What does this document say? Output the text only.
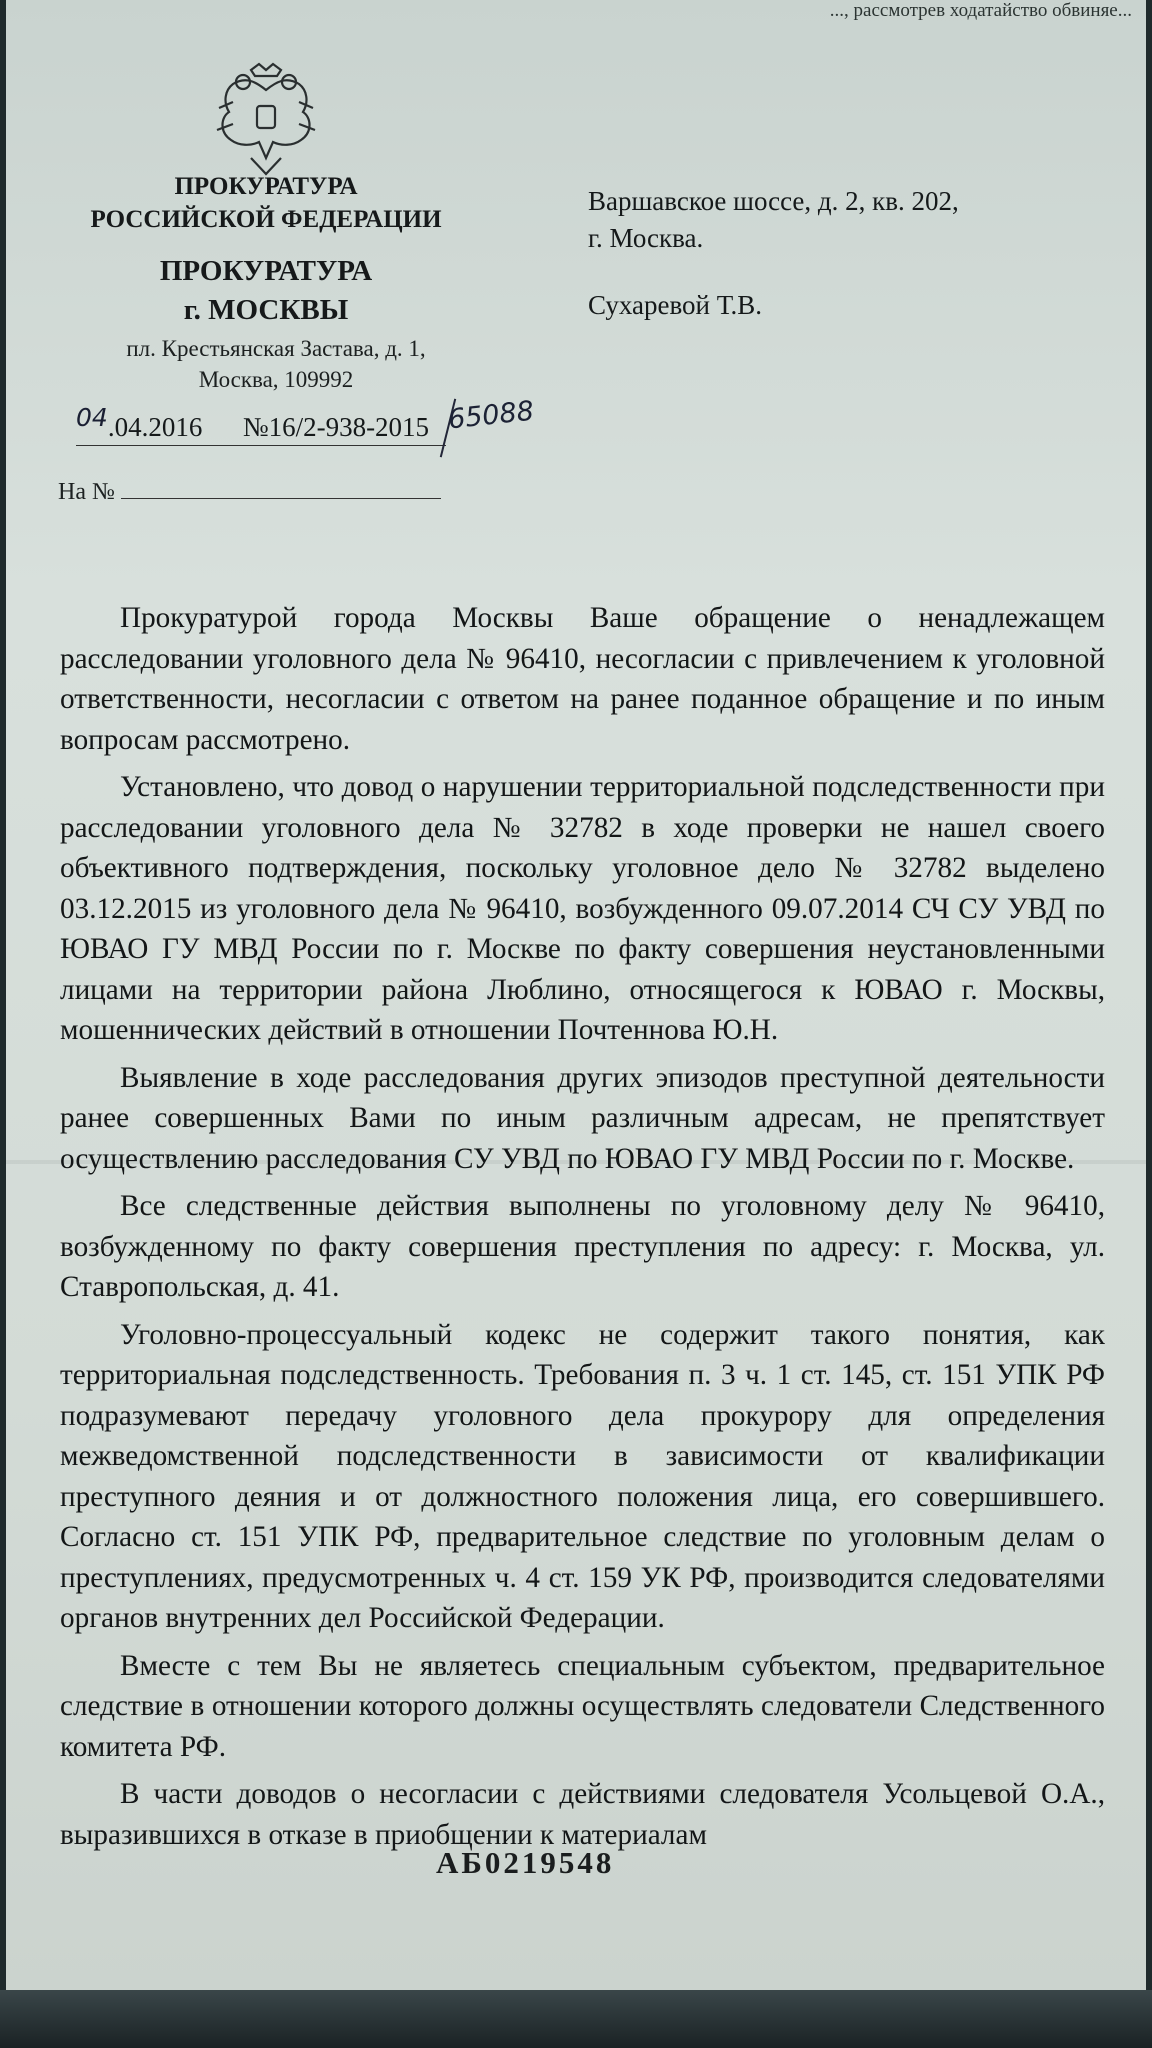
..., рассмотрев ходатайство обвиняе...
ПРОКУРАТУРА
РОССИЙСКОЙ ФЕДЕРАЦИИ
ПРОКУРАТУРА
г. МОСКВЫ
пл. Крестьянская Застава, д. 1,
Москва, 109992
Варшавское шоссе, д. 2, кв. 202,
г. Москва.
Сухаревой Т.В.
04.04.2016 №16/2-938-2015 65088
На №

Прокуратурой города Москвы Ваше обращение о ненадлежащем расследовании уголовного дела № 96410, несогласии с привлечением к уголовной ответственности, несогласии с ответом на ранее поданное обращение и по иным вопросам рассмотрено.

Установлено, что довод о нарушении территориальной подследственности при расследовании уголовного дела № 32782 в ходе проверки не нашел своего объективного подтверждения, поскольку уголовное дело № 32782 выделено 03.12.2015 из уголовного дела № 96410, возбужденного 09.07.2014 СЧ СУ УВД по ЮВАО ГУ МВД России по г. Москве по факту совершения неустановленными лицами на территории района Люблино, относящегося к ЮВАО г. Москвы, мошеннических действий в отношении Почтеннова Ю.Н.

Выявление в ходе расследования других эпизодов преступной деятельности ранее совершенных Вами по иным различным адресам, не препятствует осуществлению расследования СУ УВД по ЮВАО ГУ МВД России по г. Москве.

Все следственные действия выполнены по уголовному делу № 96410, возбужденному по факту совершения преступления по адресу: г. Москва, ул. Ставропольская, д. 41.

Уголовно-процессуальный кодекс не содержит такого понятия, как территориальная подследственность. Требования п. 3 ч. 1 ст. 145, ст. 151 УПК РФ подразумевают передачу уголовного дела прокурору для определения межведомственной подследственности в зависимости от квалификации преступного деяния и от должностного положения лица, его совершившего. Согласно ст. 151 УПК РФ, предварительное следствие по уголовным делам о преступлениях, предусмотренных ч. 4 ст. 159 УК РФ, производится следователями органов внутренних дел Российской Федерации.

Вместе с тем Вы не являетесь специальным субъектом, предварительное следствие в отношении которого должны осуществлять следователи Следственного комитета РФ.

В части доводов о несогласии с действиями следователя Усольцевой О.А., выразившихся в отказе в приобщении к материалам

АБ0219548
